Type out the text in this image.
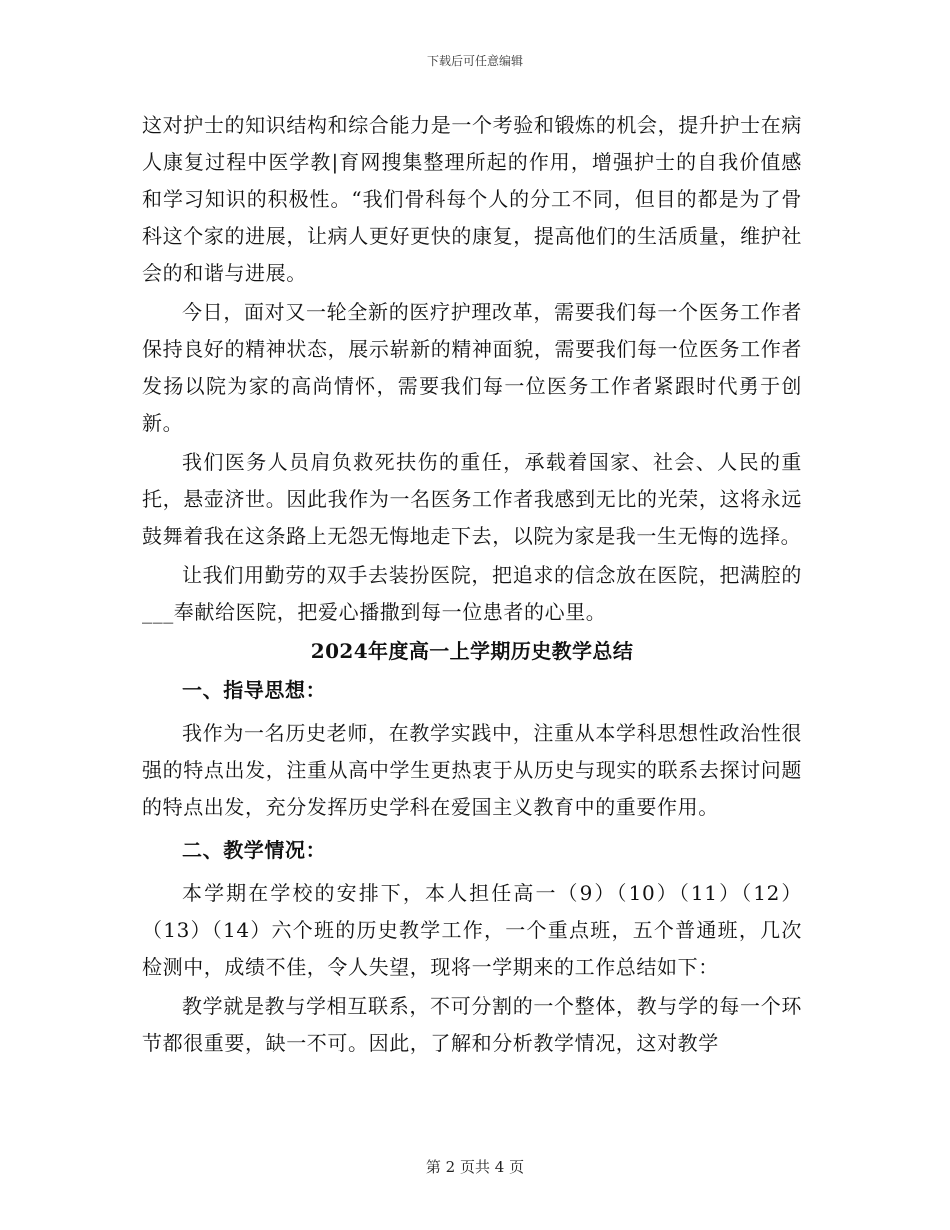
下载后可任意编辑

这对护士的知识结构和综合能力是一个考验和锻炼的机会，提升护士在病人康复过程中医学教|育网搜集整理所起的作用，增强护士的自我价值感和学习知识的积极性。“我们骨科每个人的分工不同，但目的都是为了骨科这个家的进展，让病人更好更快的康复，提高他们的生活质量，维护社会的和谐与进展。

今日，面对又一轮全新的医疗护理改革，需要我们每一个医务工作者保持良好的精神状态，展示崭新的精神面貌，需要我们每一位医务工作者发扬以院为家的高尚情怀，需要我们每一位医务工作者紧跟时代勇于创新。

我们医务人员肩负救死扶伤的重任，承载着国家、社会、人民的重托，悬壶济世。因此我作为一名医务工作者我感到无比的光荣，这将永远鼓舞着我在这条路上无怨无悔地走下去，以院为家是我一生无悔的选择。

让我们用勤劳的双手去装扮医院，把追求的信念放在医院，把满腔的___奉献给医院，把爱心播撒到每一位患者的心里。

2024年度高一上学期历史教学总结
一、指导思想：

我作为一名历史老师，在教学实践中，注重从本学科思想性政治性很强的特点出发，注重从高中学生更热衷于从历史与现实的联系去探讨问题的特点出发，充分发挥历史学科在爱国主义教育中的重要作用。

二、教学情况：

本学期在学校的安排下，本人担任高一（9）（10）（11）（12）（13）（14）六个班的历史教学工作，一个重点班，五个普通班，几次检测中，成绩不佳，令人失望，现将一学期来的工作总结如下：

教学就是教与学相互联系，不可分割的一个整体，教与学的每一个环节都很重要，缺一不可。因此，了解和分析教学情况，这对教学

第 2 页共 4 页
